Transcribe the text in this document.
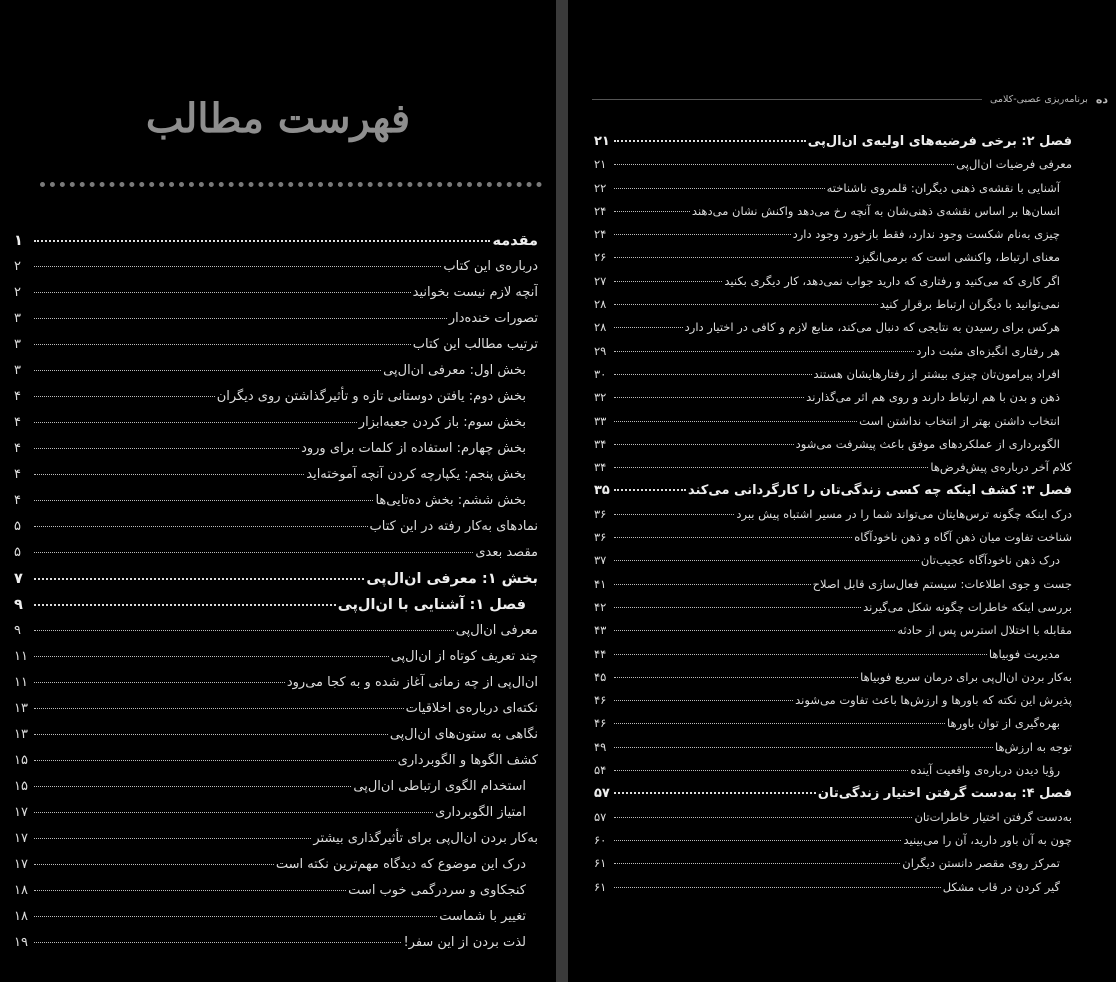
فهرست مطالب
مقدمه
۱
درباره‌ی این کتاب
۲
آنچه لازم نیست بخوانید
۲
تصورات خنده‌دار
۳
ترتیب مطالب این کتاب
۳
بخش اول: معرفی ان‌ال‌پی
۳
بخش دوم: یافتن دوستانی تازه و تأثیرگذاشتن روی دیگران
۴
بخش سوم: باز کردن جعبه‌ابزار
۴
بخش چهارم: استفاده از کلمات برای ورود
۴
بخش پنجم: یکپارچه کردن آنچه آموخته‌اید
۴
بخش ششم: بخش ده‌تایی‌ها
۴
نمادهای به‌کار رفته در این کتاب
۵
مقصد بعدی
۵
بخش ۱: معرفی ان‌ال‌پی
۷
فصل ۱: آشنایی با ان‌ال‌پی
۹
معرفی ان‌ال‌پی
۹
چند تعریف کوتاه از ان‌ال‌پی
۱۱
ان‌ال‌پی از چه زمانی آغاز شده و به کجا می‌رود
۱۱
نکته‌ای درباره‌ی اخلاقیات
۱۳
نگاهی به ستون‌های ان‌ال‌پی
۱۳
کشف الگوها و الگوبرداری
۱۵
استخدام الگوی ارتباطی ان‌ال‌پی
۱۵
امتیاز الگوبرداری
۱۷
به‌کار بردن ان‌ال‌پی برای تأثیرگذاری بیشتر
۱۷
درک این موضوع که دیدگاه مهم‌ترین نکته است
۱۷
کنجکاوی و سردرگمی خوب است
۱۸
تغییر با شماست
۱۸
لذت بردن از این سفر!
۱۹
ده
برنامه‌ریزی عصبی-کلامی
فصل ۲: برخی فرضیه‌های اولیه‌ی ان‌ال‌پی
۲۱
معرفی فرضیات ان‌ال‌پی
۲۱
آشنایی با نقشه‌ی ذهنی دیگران: قلمروی ناشناخته
۲۲
انسان‌ها بر اساس نقشه‌ی ذهنی‌شان به آنچه رخ می‌دهد واکنش نشان می‌دهند
۲۴
چیزی به‌نام شکست وجود ندارد، فقط بازخورد وجود دارد
۲۴
معنای ارتباط، واکنشی است که برمی‌انگیزد
۲۶
اگر کاری که می‌کنید و رفتاری که دارید جواب نمی‌دهد، کار دیگری بکنید
۲۷
نمی‌توانید با دیگران ارتباط برقرار کنید
۲۸
هرکس برای رسیدن به نتایجی که دنبال می‌کند، منابع لازم و کافی در اختیار دارد
۲۸
هر رفتاری انگیزه‌ای مثبت دارد
۲۹
افراد پیرامون‌تان چیزی بیشتر از رفتارهایشان هستند
۳۰
ذهن و بدن با هم ارتباط دارند و روی هم اثر می‌گذارند
۳۲
انتخاب داشتن بهتر از انتخاب نداشتن است
۳۳
الگوبرداری از عملکردهای موفق باعث پیشرفت می‌شود
۳۴
کلام آخر درباره‌ی پیش‌فرض‌ها
۳۴
فصل ۳: کشف اینکه چه کسی زندگی‌تان را کارگردانی می‌کند
۳۵
درک اینکه چگونه ترس‌هایتان می‌تواند شما را در مسیر اشتباه پیش ببرد
۳۶
شناخت تفاوت میان ذهن آگاه و ذهن ناخودآگاه
۳۶
درک ذهن ناخودآگاه عجیب‌تان
۳۷
جست و جوی اطلاعات: سیستم فعال‌سازی قابل اصلاح
۴۱
بررسی اینکه خاطرات چگونه شکل می‌گیرند
۴۲
مقابله با اختلال استرس پس از حادثه
۴۳
مدیریت فوبیاها
۴۴
به‌کار بردن ان‌ال‌پی برای درمان سریع فوبیاها
۴۵
پذیرش این نکته که باورها و ارزش‌ها باعث تفاوت می‌شوند
۴۶
بهره‌گیری از توان باورها
۴۶
توجه به ارزش‌ها
۴۹
رؤیا دیدن درباره‌ی واقعیت آینده
۵۴
فصل ۴: به‌دست گرفتن اختیار زندگی‌تان
۵۷
به‌دست گرفتن اختیار خاطرات‌تان
۵۷
چون به آن باور دارید، آن را می‌بینید
۶۰
تمرکز روی مقصر دانستن دیگران
۶۱
گیر کردن در قاب مشکل
۶۱
